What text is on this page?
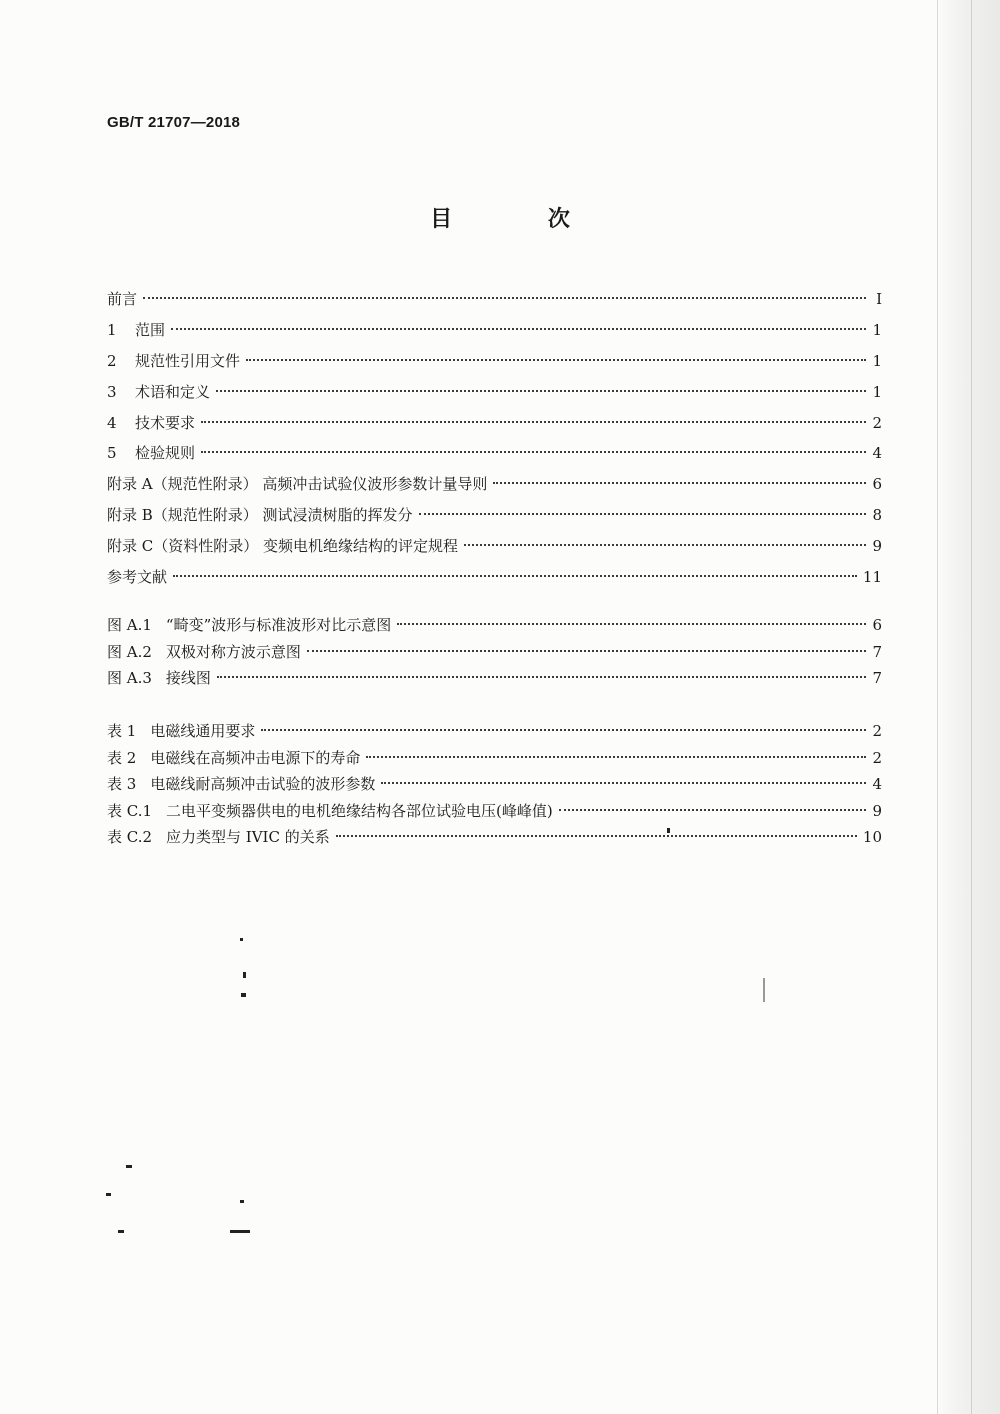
GB/T 21707—2018
目 次
前言	Ⅰ
1 范围	1
2 规范性引用文件	1
3 术语和定义	1
4 技术要求	2
5 检验规则	4
附录 A（规范性附录） 高频冲击试验仪波形参数计量导则	6
附录 B（规范性附录） 测试浸渍树脂的挥发分	8
附录 C（资料性附录） 变频电机绝缘结构的评定规程	9
参考文献	11
图 A.1 “畸变”波形与标准波形对比示意图	6
图 A.2 双极对称方波示意图	7
图 A.3 接线图	7
表 1 电磁线通用要求	2
表 2 电磁线在高频冲击电源下的寿命	2
表 3 电磁线耐高频冲击试验的波形参数	4
表 C.1 二电平变频器供电的电机绝缘结构各部位试验电压(峰峰值)	9
表 C.2 应力类型与 IVIC 的关系	10
